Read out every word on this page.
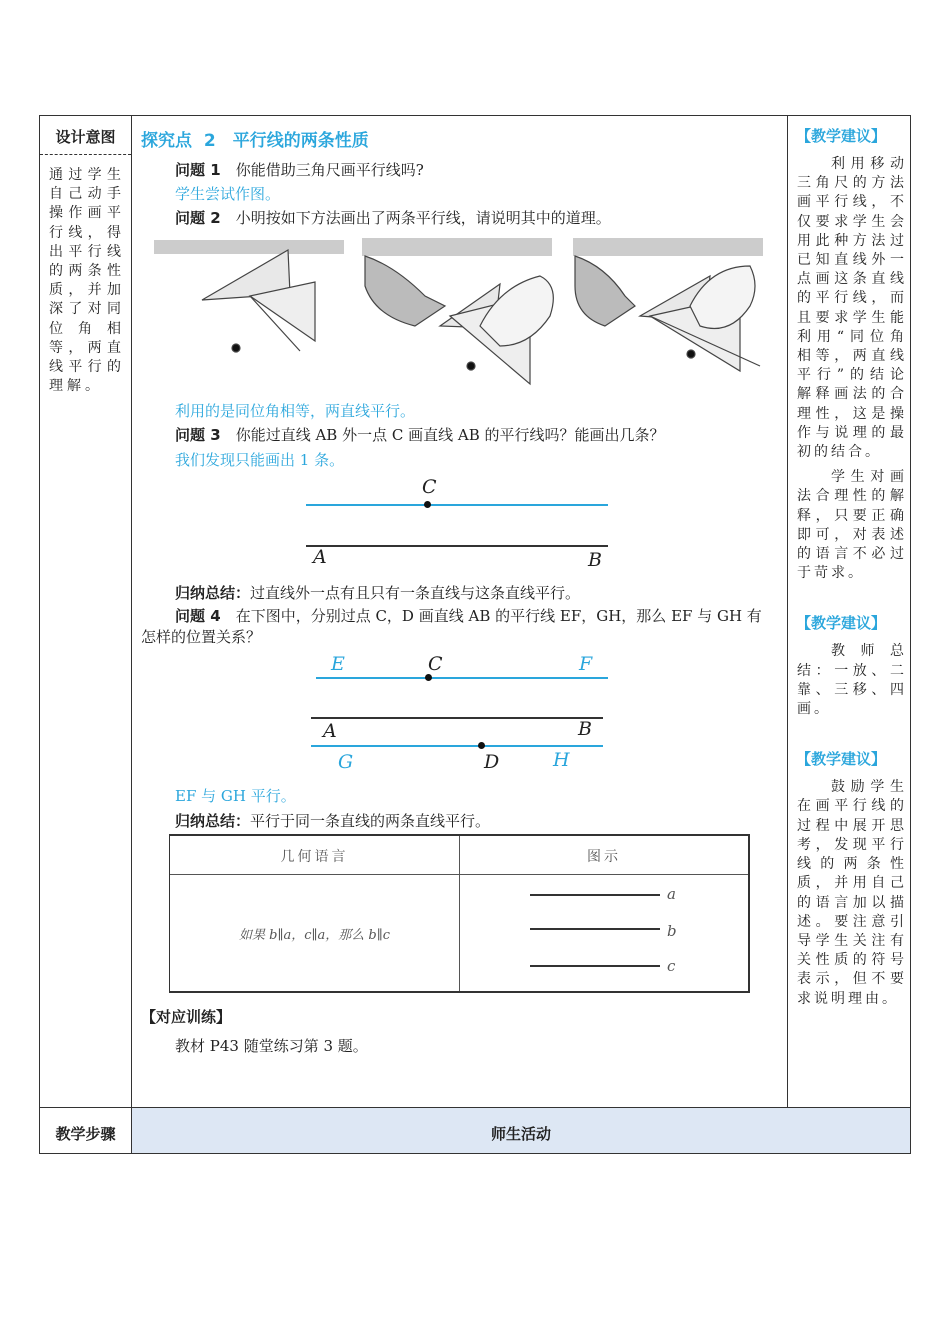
设计意图
通过学生自己动手操作画平行线，得出平行线的两条性质，并加深了对同位角相等，两直线平行的理解。
探究点 2　平行线的两条性质
问题 1　 你能借助三角尺画平行线吗?
学生尝试作图。
问题 2　 小明按如下方法画出了两条平行线，请说明其中的道理。
利用的是同位角相等，两直线平行。
问题 3　 你能过直线 AB 外一点 C 画直线 AB 的平行线吗？能画出几条？
我们发现只能画出 1 条。
C
A	B
归纳总结：过直线外一点有且只有一条直线与这条直线平行。
问题 4　 在下图中，分别过点 C，D 画直线 AB 的平行线 EF，GH，那么 EF 与 GH 有怎样的位置关系？
E	C	F
A	B
G	D	H
EF 与 GH 平行。
归纳总结：平行于同一条直线的两条直线平行。
几何语言	图示
如果 b∥a，c∥a，那么 b∥c
a
b
c
【对应训练】
教材 P43 随堂练习第 3 题。
【教学建议】
利用移动三角尺的方法画平行线，不仅要求学生会用此种方法过已知直线外一点画这条直线的平行线，而且要求学生能利用“同位角相等，两直线平行”的结论解释画法的合理性，这是操作与说理的最初的结合。
学生对画法合理性的解释，只要正确即可，对表述的语言不必过于苛求。
【教学建议】
教师总结：一放、二靠、三移、四画。
【教学建议】
鼓励学生在画平行线的过程中展开思考，发现平行线的两条性质，并用自己的语言加以描述。要注意引导学生关注有关性质的符号表示，但不要求说明理由。
教学步骤	师生活动
